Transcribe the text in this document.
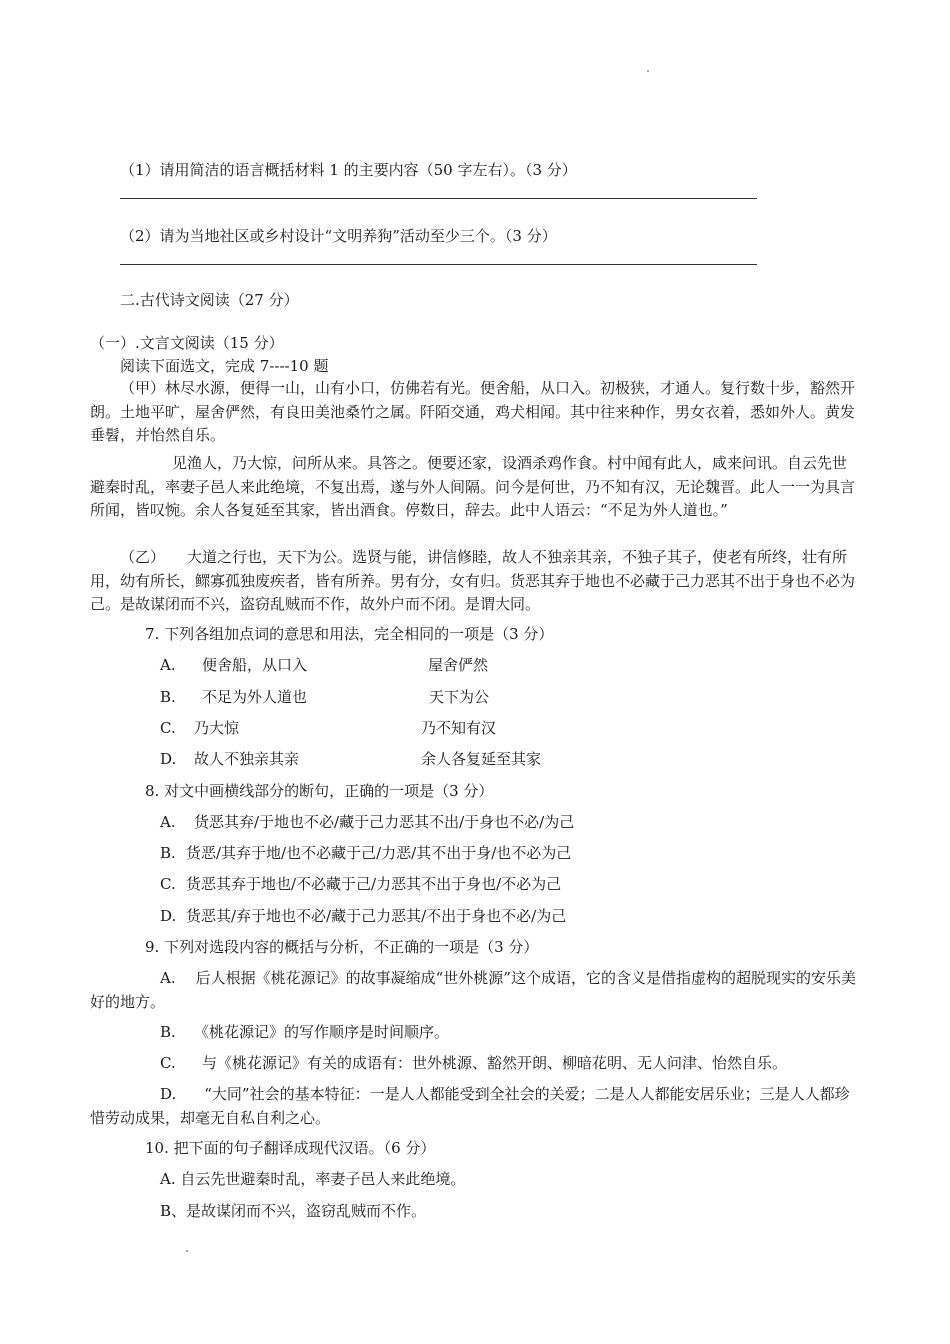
（1）请用简洁的语言概括材料 1 的主要内容（50 字左右）。（3 分）
（2）请为当地社区或乡村设计“文明养狗”活动至少三个。（3 分）
二.古代诗文阅读（27 分）
（一）.文言文阅读（15 分）
阅读下面选文，完成 7----10 题
（甲）林尽水源，便得一山，山有小口，仿佛若有光。便舍船，从口入。初极狭，才通人。复行数十步，豁然开朗。土地平旷，屋舍俨然，有良田美池桑竹之属。阡陌交通，鸡犬相闻。其中往来种作，男女衣着，悉如外人。黄发垂髫，并怡然自乐。
见渔人，乃大惊，问所从来。具答之。便要还家，设酒杀鸡作食。村中闻有此人，咸来问讯。自云先世避秦时乱，率妻子邑人来此绝境，不复出焉，遂与外人间隔。问今是何世，乃不知有汉，无论魏晋。此人一一为具言所闻，皆叹惋。余人各复延至其家，皆出酒食。停数日，辞去。此中人语云：“不足为外人道也。”
（乙） 大道之行也，天下为公。选贤与能，讲信修睦，故人不独亲其亲，不独子其子，使老有所终，壮有所用，幼有所长，鳏寡孤独废疾者，皆有所养。男有分，女有归。货恶其弃于地也不必藏于己力恶其不出于身也不必为己。是故谋闭而不兴，盗窃乱贼而不作，故外户而不闭。是谓大同。
7. 下列各组加点词的意思和用法，完全相同的一项是（3 分）
A. 便舍船，从口入	屋舍俨然
B. 不足为外人道也	天下为公
C. 乃大惊	乃不知有汉
D. 故人不独亲其亲	余人各复延至其家
8. 对文中画横线部分的断句，正确的一项是（3 分）
A. 货恶其弃/于地也不必/藏于己力恶其不出/于身也不必/为己
B. 货恶/其弃于地/也不必藏于己/力恶/其不出于身/也不必为己
C. 货恶其弃于地也/不必藏于己/力恶其不出于身也/不必为己
D. 货恶其/弃于地也不必/藏于己力恶其/不出于身也不必/为己
9. 下列对选段内容的概括与分析，不正确的一项是（3 分）
A. 后人根据《桃花源记》的故事凝缩成“世外桃源”这个成语，它的含义是借指虚构的超脱现实的安乐美好的地方。
B. 《桃花源记》的写作顺序是时间顺序。
C. 与《桃花源记》有关的成语有：世外桃源、豁然开朗、柳暗花明、无人问津、怡然自乐。
D. “大同”社会的基本特征：一是人人都能受到全社会的关爱；二是人人都能安居乐业；三是人人都珍惜劳动成果，却毫无自私自利之心。
10. 把下面的句子翻译成现代汉语。（6 分）
A. 自云先世避秦时乱，率妻子邑人来此绝境。
B、是故谋闭而不兴，盗窃乱贼而不作。
